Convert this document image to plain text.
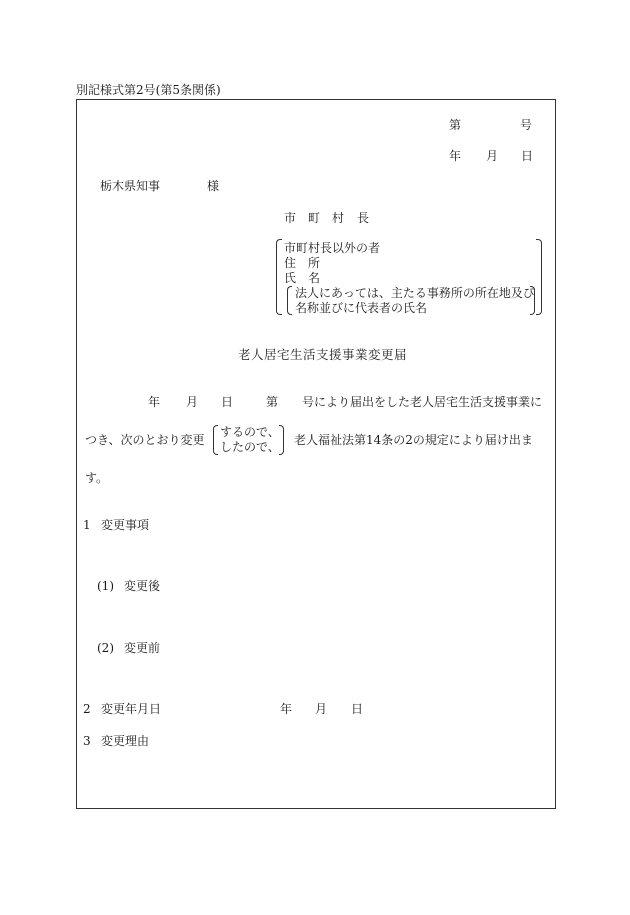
別記様式第2号(第5条関係)
第	号
年 月 日
栃木県知事	様
市 町 村 長
市町村長以外の者
住 所
氏 名
法人にあっては、主たる事務所の所在地及び
名称並びに代表者の氏名
老人居宅生活支援事業変更届
年 月 日	第 号により届出をした老人居宅生活支援事業に
つき、次のとおり変更
するので、
したので、 老人福祉法第14条の2の規定により届け出ま
す。
1 変更事項
(1) 変更後
(2) 変更前
2 変更年月日	年 月 日
3 変更理由
